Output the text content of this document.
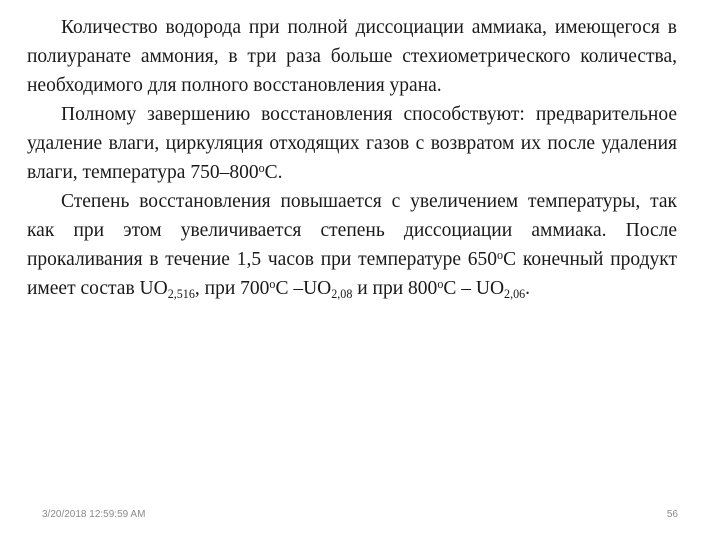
Количество водорода при полной диссоциации аммиака, имеющегося в полиуранате аммония, в три раза больше стехиометрического количества, необходимого для полного восстановления урана.

Полному завершению восстановления способствуют: предварительное удаление влаги, циркуляция отходящих газов с возвратом их после удаления влаги, температура $750-800^оС$.

Степень восстановления повышается с увеличением температуры, так как при этом увеличивается степень диссоциации аммиака. После прокаливания в течение 1,5 часов при температуре $650^оС$ конечный продукт имеет состав $UO_{2,516}$, при $700^оС$ $-UO_{2,08}$ и при $800^оС - UO_{2,06}$.

3/20/2018 12:59:59 AM	56
